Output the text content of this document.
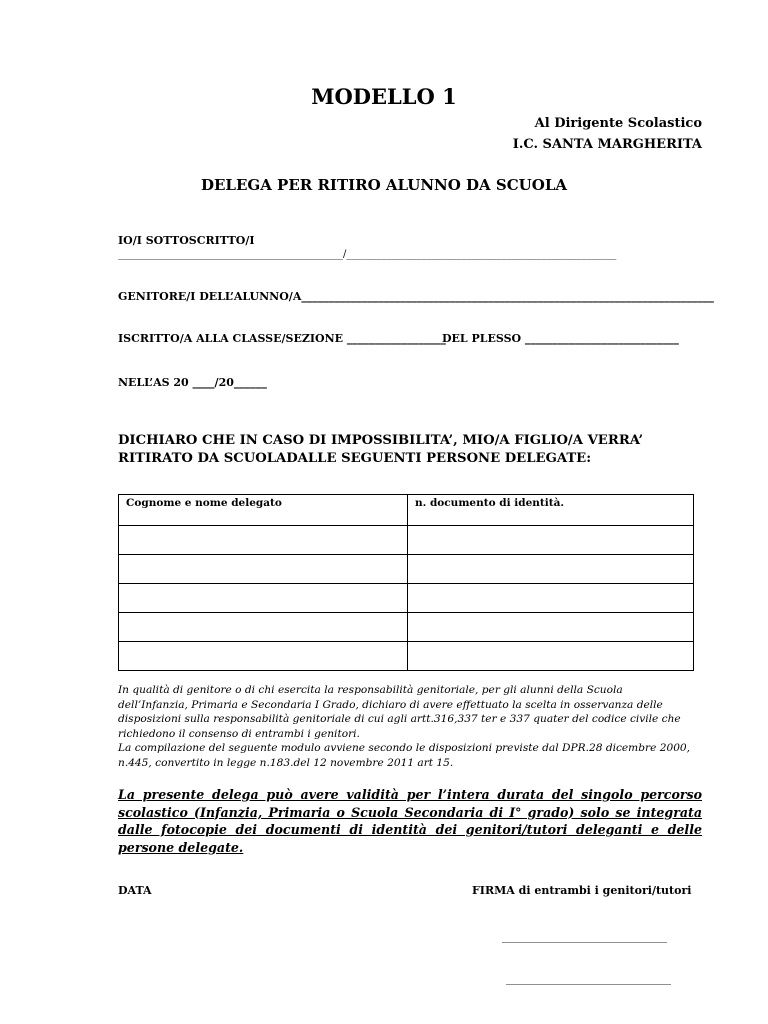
MODELLO 1
Al Dirigente Scolastico
I.C. SANTA MARGHERITA
DELEGA PER RITIRO ALUNNO DA SCUOLA
IO/I SOTTOSCRITTO/I
_____________________________________________/______________________________________________________
GENITORE/I DELL’ALUNNO/A___________________________________________________________________________
ISCRITTO/A ALLA CLASSE/SEZIONE __________________
DEL PLESSO ____________________________
NELL’AS 20 ____/20______
DICHIARO CHE IN CASO DI IMPOSSIBILITA’, MIO/A FIGLIO/A VERRA’ RITIRATO DA SCUOLADALLE SEGUENTI PERSONE DELEGATE:
Cognome e nome delegato	n. documento di identità.

In qualità di genitore o di chi esercita la responsabilità genitoriale, per gli alunni della Scuola dell’Infanzia, Primaria e Secondaria I Grado, dichiaro di avere effettuato la scelta in osservanza delle disposizioni sulla responsabilità genitoriale di cui agli artt.316,337 ter e 337 quater del codice civile che richiedono il consenso di entrambi i genitori.

La compilazione del seguente modulo avviene secondo le disposizioni previste dal DPR.28 dicembre 2000, n.445, convertito in legge n.183.del 12 novembre 2011 art 15.

La presente delega può avere validità per l’intera durata del singolo percorso scolastico (Infanzia, Primaria o Scuola Secondaria di I° grado) solo se integrata dalle fotocopie dei documenti di identità dei genitori/tutori deleganti e delle persone delegate.
DATA	FIRMA di entrambi i genitori/tutori
______________________________
______________________________
